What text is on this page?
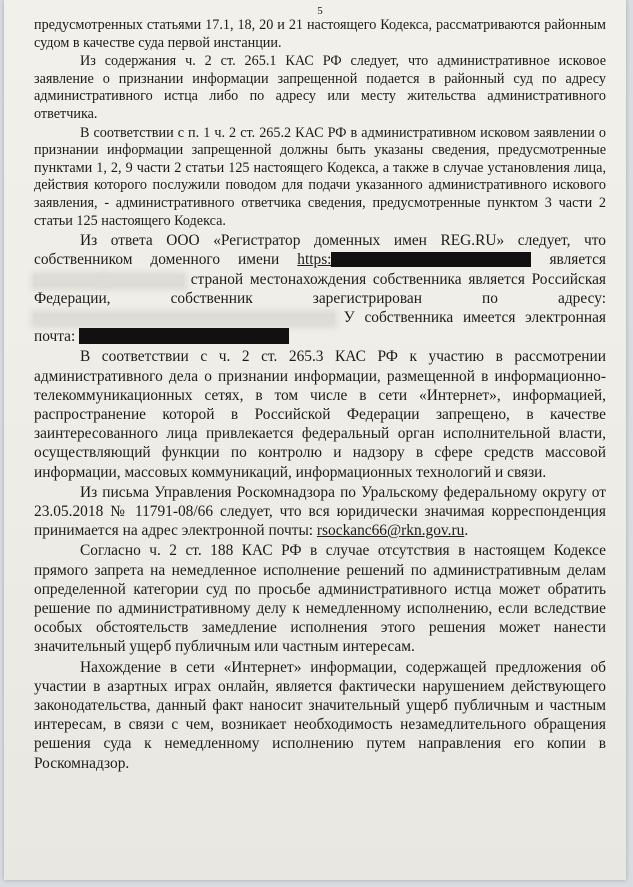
5

предусмотренных статьями 17.1, 18, 20 и 21 настоящего Кодекса, рассматриваются районным судом в качестве суда первой инстанции.

Из содержания ч. 2 ст. 265.1 КАС РФ следует, что административное исковое заявление о признании информации запрещенной подается в районный суд по адресу административного истца либо по адресу или месту жительства административного ответчика.

В соответствии с п. 1 ч. 2 ст. 265.2 КАС РФ в административном исковом заявлении о признании информации запрещенной должны быть указаны сведения, предусмотренные пунктами 1, 2, 9 части 2 статьи 125 настоящего Кодекса, а также в случае установления лица, действия которого послужили поводом для подачи указанного административного искового заявления, - административного ответчика сведения, предусмотренные пунктом 3 части 2 статьи 125 настоящего Кодекса.

Из ответа ООО «Регистратор доменных имен REG.RU» следует, что собственником доменного имени https:	является  страной местонахождения собственника является Российская Федерации, собственник зарегистрирован по адресу:  У собственника имеется электронная почта:

В соответствии с ч. 2 ст. 265.3 КАС РФ к участию в рассмотрении административного дела о признании информации, размещенной в информационно-телекоммуникационных сетях, в том числе в сети «Интернет», информацией, распространение которой в Российской Федерации запрещено, в качестве заинтересованного лица привлекается федеральный орган исполнительной власти, осуществляющий функции по контролю и надзору в сфере средств массовой информации, массовых коммуникаций, информационных технологий и связи.

Из письма Управления Роскомнадзора по Уральскому федеральному округу от 23.05.2018 № 11791-08/66 следует, что вся юридически значимая корреспонденция принимается на адрес электронной почты: rsockanc66@rkn.gov.ru.

Согласно ч. 2 ст. 188 КАС РФ в случае отсутствия в настоящем Кодексе прямого запрета на немедленное исполнение решений по административным делам определенной категории суд по просьбе административного истца может обратить решение по административному делу к немедленному исполнению, если вследствие особых обстоятельств замедление исполнения этого решения может нанести значительный ущерб публичным или частным интересам.

Нахождение в сети «Интернет» информации, содержащей предложения об участии в азартных играх онлайн, является фактически нарушением действующего законодательства, данный факт наносит значительный ущерб публичным и частным интересам, в связи с чем, возникает необходимость незамедлительного обращения решения суда к немедленному исполнению путем направления его копии в Роскомнадзор.
